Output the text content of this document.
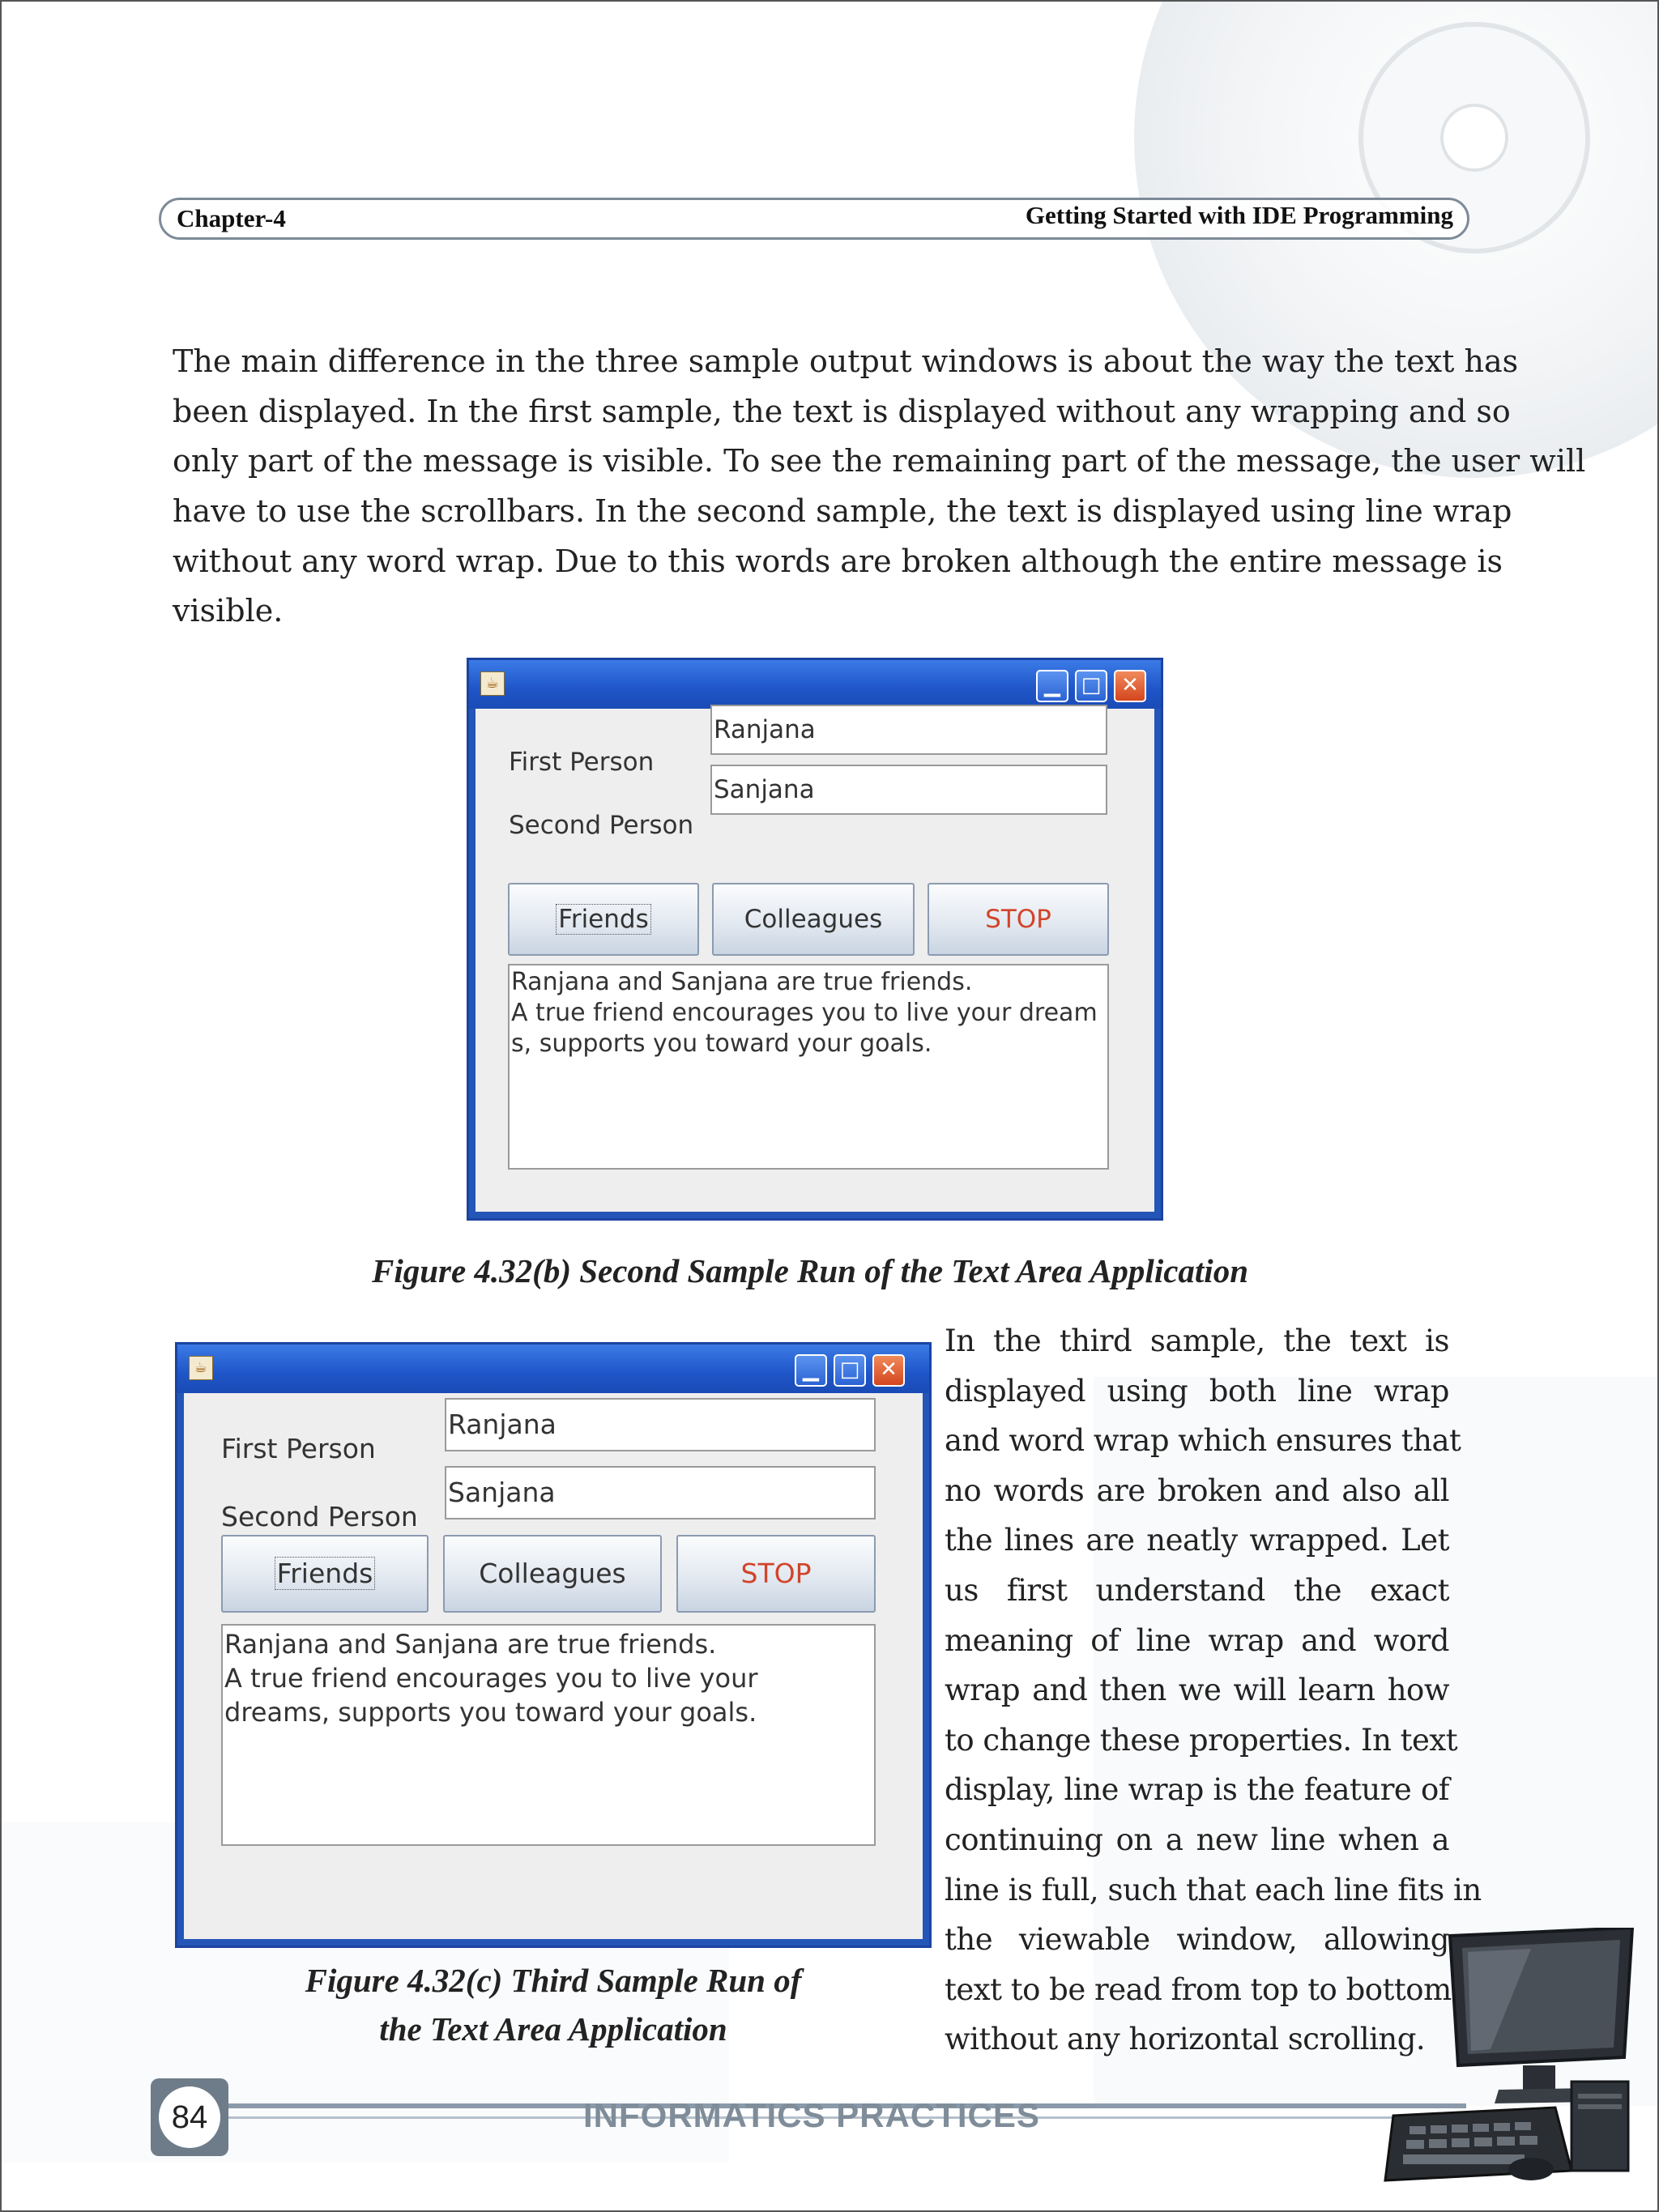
Chapter-4	Getting Started with IDE Programming

The main difference in the three sample output windows is about the way the text has
been displayed. In the first sample, the text is displayed without any wrapping and so
only part of the message is visible. To see the remaining part of the message, the user will
have to use the scrollbars. In the second sample, the text is displayed using line wrap
without any word wrap. Due to this words are broken although the entire message is
visible.

☕	▁ □ ✕
First Person
Ranjana
Second Person
Sanjana
Friends	Colleagues	STOP
Ranjana and Sanjana are true friends.
A true friend encourages you to live your dream
s, supports you toward your goals.
Figure 4.32(b) Second Sample Run of the Text Area Application
☕	▁ □ ✕
First Person
Ranjana
Second Person
Sanjana
Friends	Colleagues	STOP
Ranjana and Sanjana are true friends.
A true friend encourages you to live your
dreams, supports you toward your goals.
Figure 4.32(c) Third Sample Run of
the Text Area Application

In the third sample, the text is
displayed using both line wrap
and word wrap which ensures that
no words are broken and also all
the lines are neatly wrapped. Let
us first understand the exact
meaning of line wrap and word
wrap and then we will learn how
to change these properties. In text
display, line wrap is the feature of
continuing on a new line when a
line is full, such that each line fits in
the viewable window, allowing
text to be read from top to bottom
without any horizontal scrolling.

84	INFORMATICS PRACTICES
